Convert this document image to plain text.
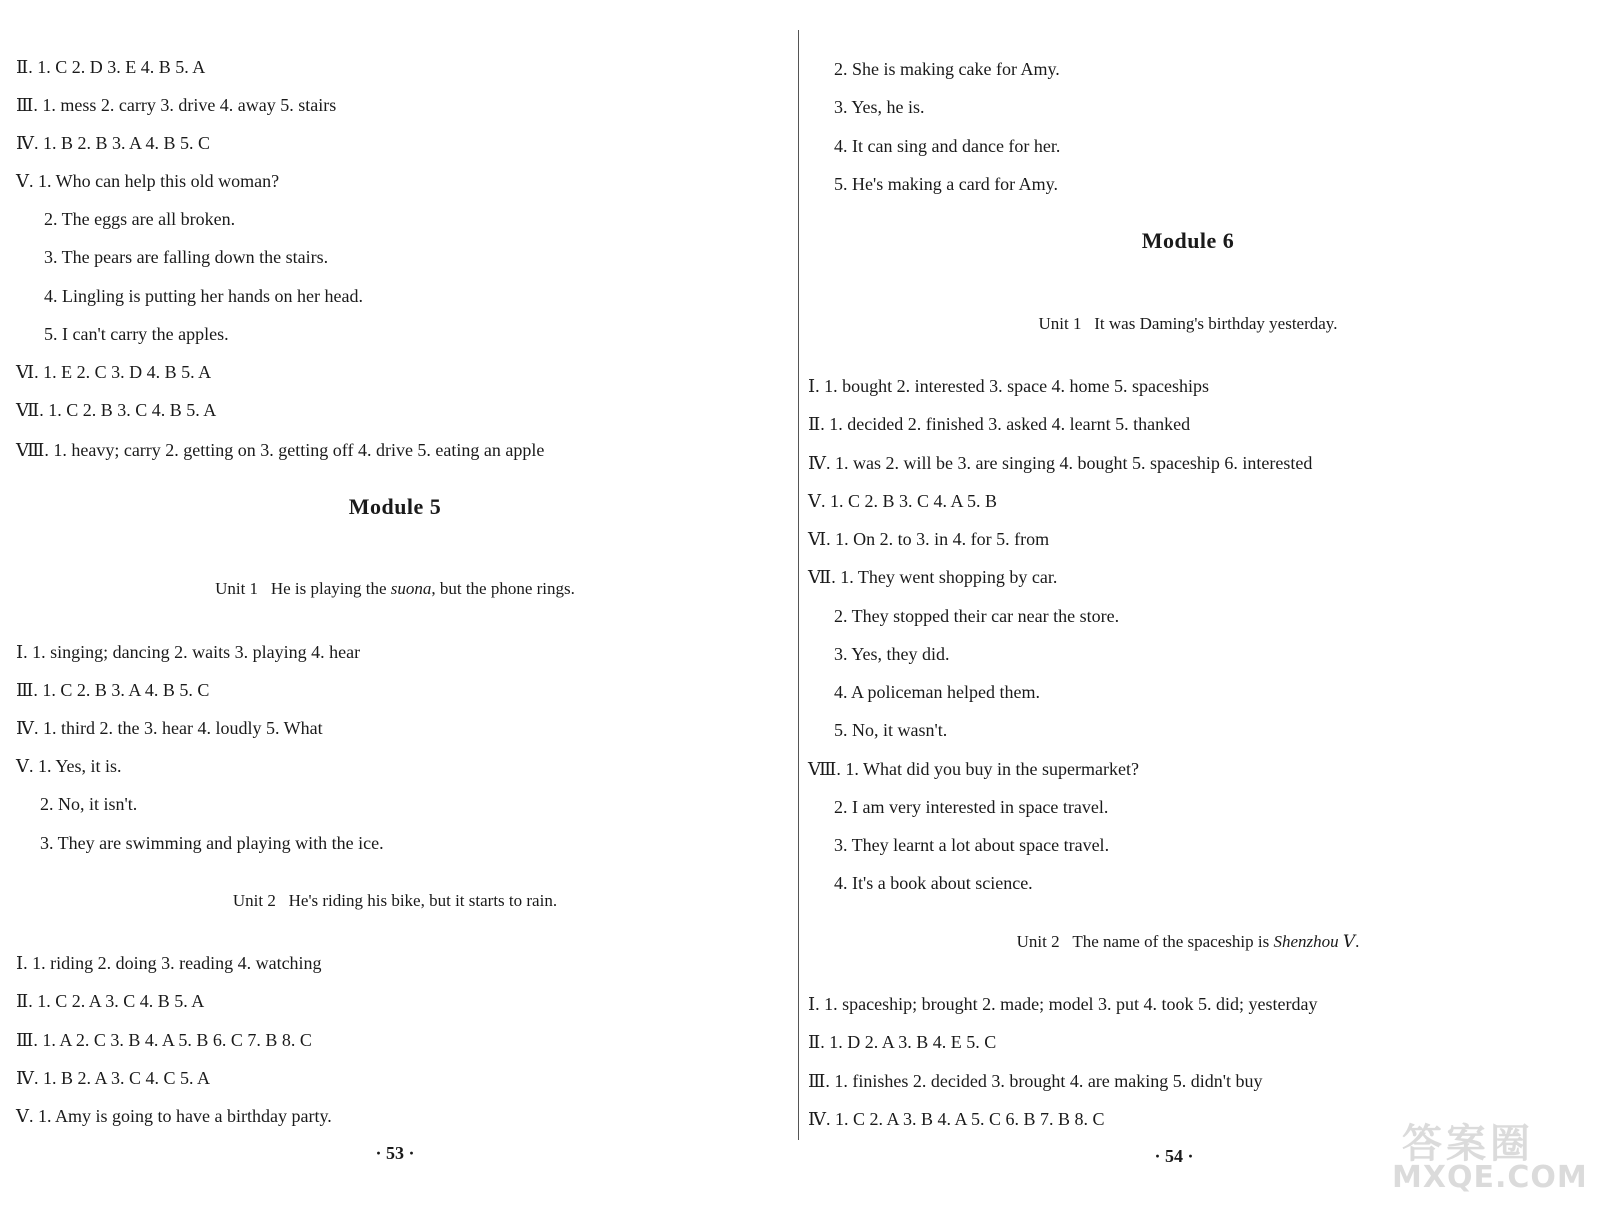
Ⅱ. 1. C 2. D 3. E 4. B 5. A
Ⅲ. 1. mess 2. carry 3. drive 4. away 5. stairs
Ⅳ. 1. B 2. B 3. A 4. B 5. C
Ⅴ. 1. Who can help this old woman?
2. The eggs are all broken.
3. The pears are falling down the stairs.
4. Lingling is putting her hands on her head.
5. I can't carry the apples.
Ⅵ. 1. E 2. C 3. D 4. B 5. A
Ⅶ. 1. C 2. B 3. C 4. B 5. A
Ⅷ. 1. heavy; carry 2. getting on 3. getting off 4. drive 5. eating an apple
Module 5
Unit 1 He is playing the suona, but the phone rings.
Ⅰ. 1. singing; dancing 2. waits 3. playing 4. hear
Ⅲ. 1. C 2. B 3. A 4. B 5. C
Ⅳ. 1. third 2. the 3. hear 4. loudly 5. What
Ⅴ. 1. Yes, it is.
2. No, it isn't.
3. They are swimming and playing with the ice.
Unit 2 He's riding his bike, but it starts to rain.
Ⅰ. 1. riding 2. doing 3. reading 4. watching
Ⅱ. 1. C 2. A 3. C 4. B 5. A
Ⅲ. 1. A 2. C 3. B 4. A 5. B 6. C 7. B 8. C
Ⅳ. 1. B 2. A 3. C 4. C 5. A
Ⅴ. 1. Amy is going to have a birthday party.
· 53 ·
2. She is making cake for Amy.
3. Yes, he is.
4. It can sing and dance for her.
5. He's making a card for Amy.
Module 6
Unit 1 It was Daming's birthday yesterday.
Ⅰ. 1. bought 2. interested 3. space 4. home 5. spaceships
Ⅱ. 1. decided 2. finished 3. asked 4. learnt 5. thanked
Ⅳ. 1. was 2. will be 3. are singing 4. bought 5. spaceship 6. interested
Ⅴ. 1. C 2. B 3. C 4. A 5. B
Ⅵ. 1. On 2. to 3. in 4. for 5. from
Ⅶ. 1. They went shopping by car.
2. They stopped their car near the store.
3. Yes, they did.
4. A policeman helped them.
5. No, it wasn't.
Ⅷ. 1. What did you buy in the supermarket?
2. I am very interested in space travel.
3. They learnt a lot about space travel.
4. It's a book about science.
Unit 2 The name of the spaceship is Shenzhou Ⅴ.
Ⅰ. 1. spaceship; brought 2. made; model 3. put 4. took 5. did; yesterday
Ⅱ. 1. D 2. A 3. B 4. E 5. C
Ⅲ. 1. finishes 2. decided 3. brought 4. are making 5. didn't buy
Ⅳ. 1. C 2. A 3. B 4. A 5. C 6. B 7. B 8. C
· 54 ·	答案圈
MXQE.COM
